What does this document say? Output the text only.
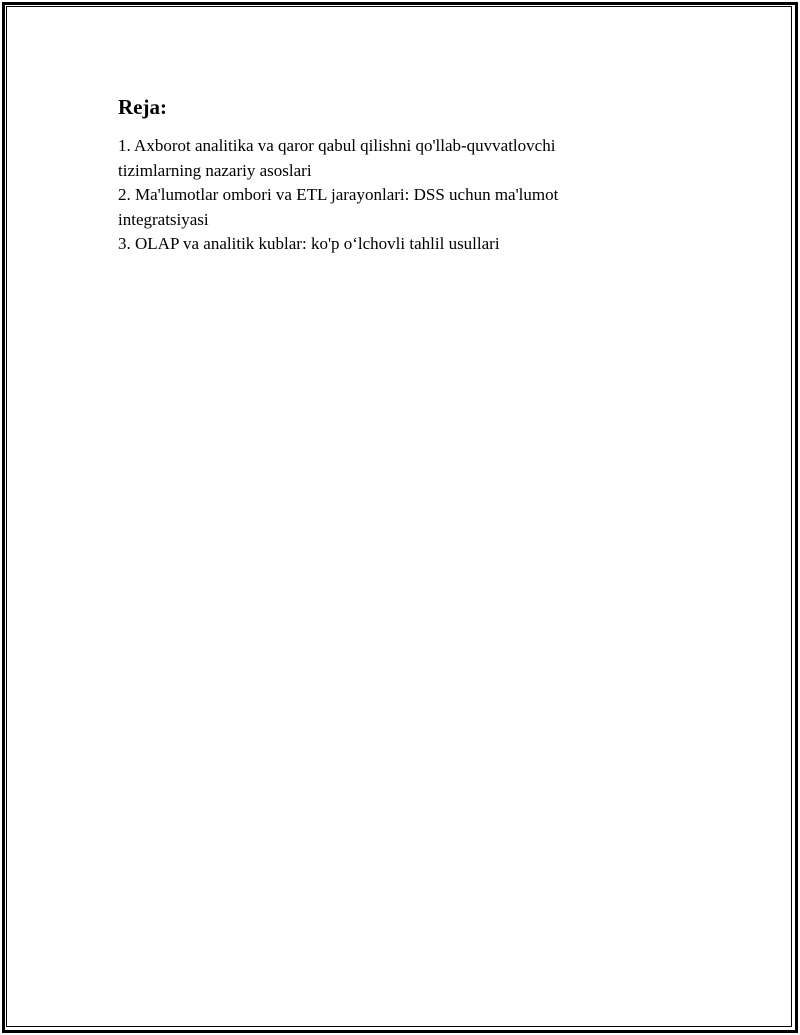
Reja:
1. Axborot analitika va qaror qabul qilishni qo'llab-quvvatlovchi tizimlarning nazariy asoslari
2. Ma'lumotlar ombori va ETL jarayonlari: DSS uchun ma'lumot integratsiyasi
3. OLAP va analitik kublar: ko'p o‘lchovli tahlil usullari
